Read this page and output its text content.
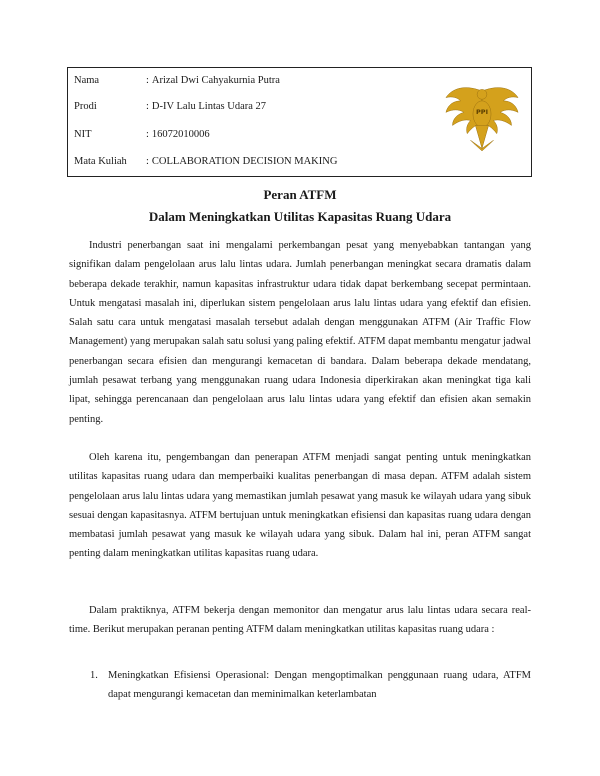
Nama	: Arizal Dwi Cahyakurnia Putra
Prodi	: D-IV Lalu Lintas Udara 27
NIT	: 16072010006
Mata Kuliah : COLLABORATION DECISION MAKING
PPI
Peran ATFM
Dalam Meningkatkan Utilitas Kapasitas Ruang Udara

Industri penerbangan saat ini mengalami perkembangan pesat yang menyebabkan tantangan yang signifikan dalam pengelolaan arus lalu lintas udara. Jumlah penerbangan meningkat secara dramatis dalam beberapa dekade terakhir, namun kapasitas infrastruktur udara tidak dapat berkembang secepat permintaan. Untuk mengatasi masalah ini, diperlukan sistem pengelolaan arus lalu lintas udara yang efektif dan efisien. Salah satu cara untuk mengatasi masalah tersebut adalah dengan menggunakan ATFM (Air Traffic Flow Management) yang merupakan salah satu solusi yang paling efektif. ATFM dapat membantu mengatur jadwal penerbangan secara efisien dan mengurangi kemacetan di bandara. Dalam beberapa dekade mendatang, jumlah pesawat terbang yang menggunakan ruang udara Indonesia diperkirakan akan meningkat tiga kali lipat, sehingga perencanaan dan pengelolaan arus lalu lintas udara yang efektif dan efisien akan semakin penting.

Oleh karena itu, pengembangan dan penerapan ATFM menjadi sangat penting untuk meningkatkan utilitas kapasitas ruang udara dan memperbaiki kualitas penerbangan di masa depan. ATFM adalah sistem pengelolaan arus lalu lintas udara yang memastikan jumlah pesawat yang masuk ke wilayah udara yang sibuk sesuai dengan kapasitasnya. ATFM bertujuan untuk meningkatkan efisiensi dan kapasitas ruang udara dengan membatasi jumlah pesawat yang masuk ke wilayah udara yang sibuk. Dalam hal ini, peran ATFM sangat penting dalam meningkatkan utilitas kapasitas ruang udara.

Dalam praktiknya, ATFM bekerja dengan memonitor dan mengatur arus lalu lintas udara secara real-time. Berikut merupakan peranan penting ATFM dalam meningkatkan utilitas kapasitas ruang udara :

1. Meningkatkan Efisiensi Operasional: Dengan mengoptimalkan penggunaan ruang udara, ATFM dapat mengurangi kemacetan dan meminimalkan keterlambatan
